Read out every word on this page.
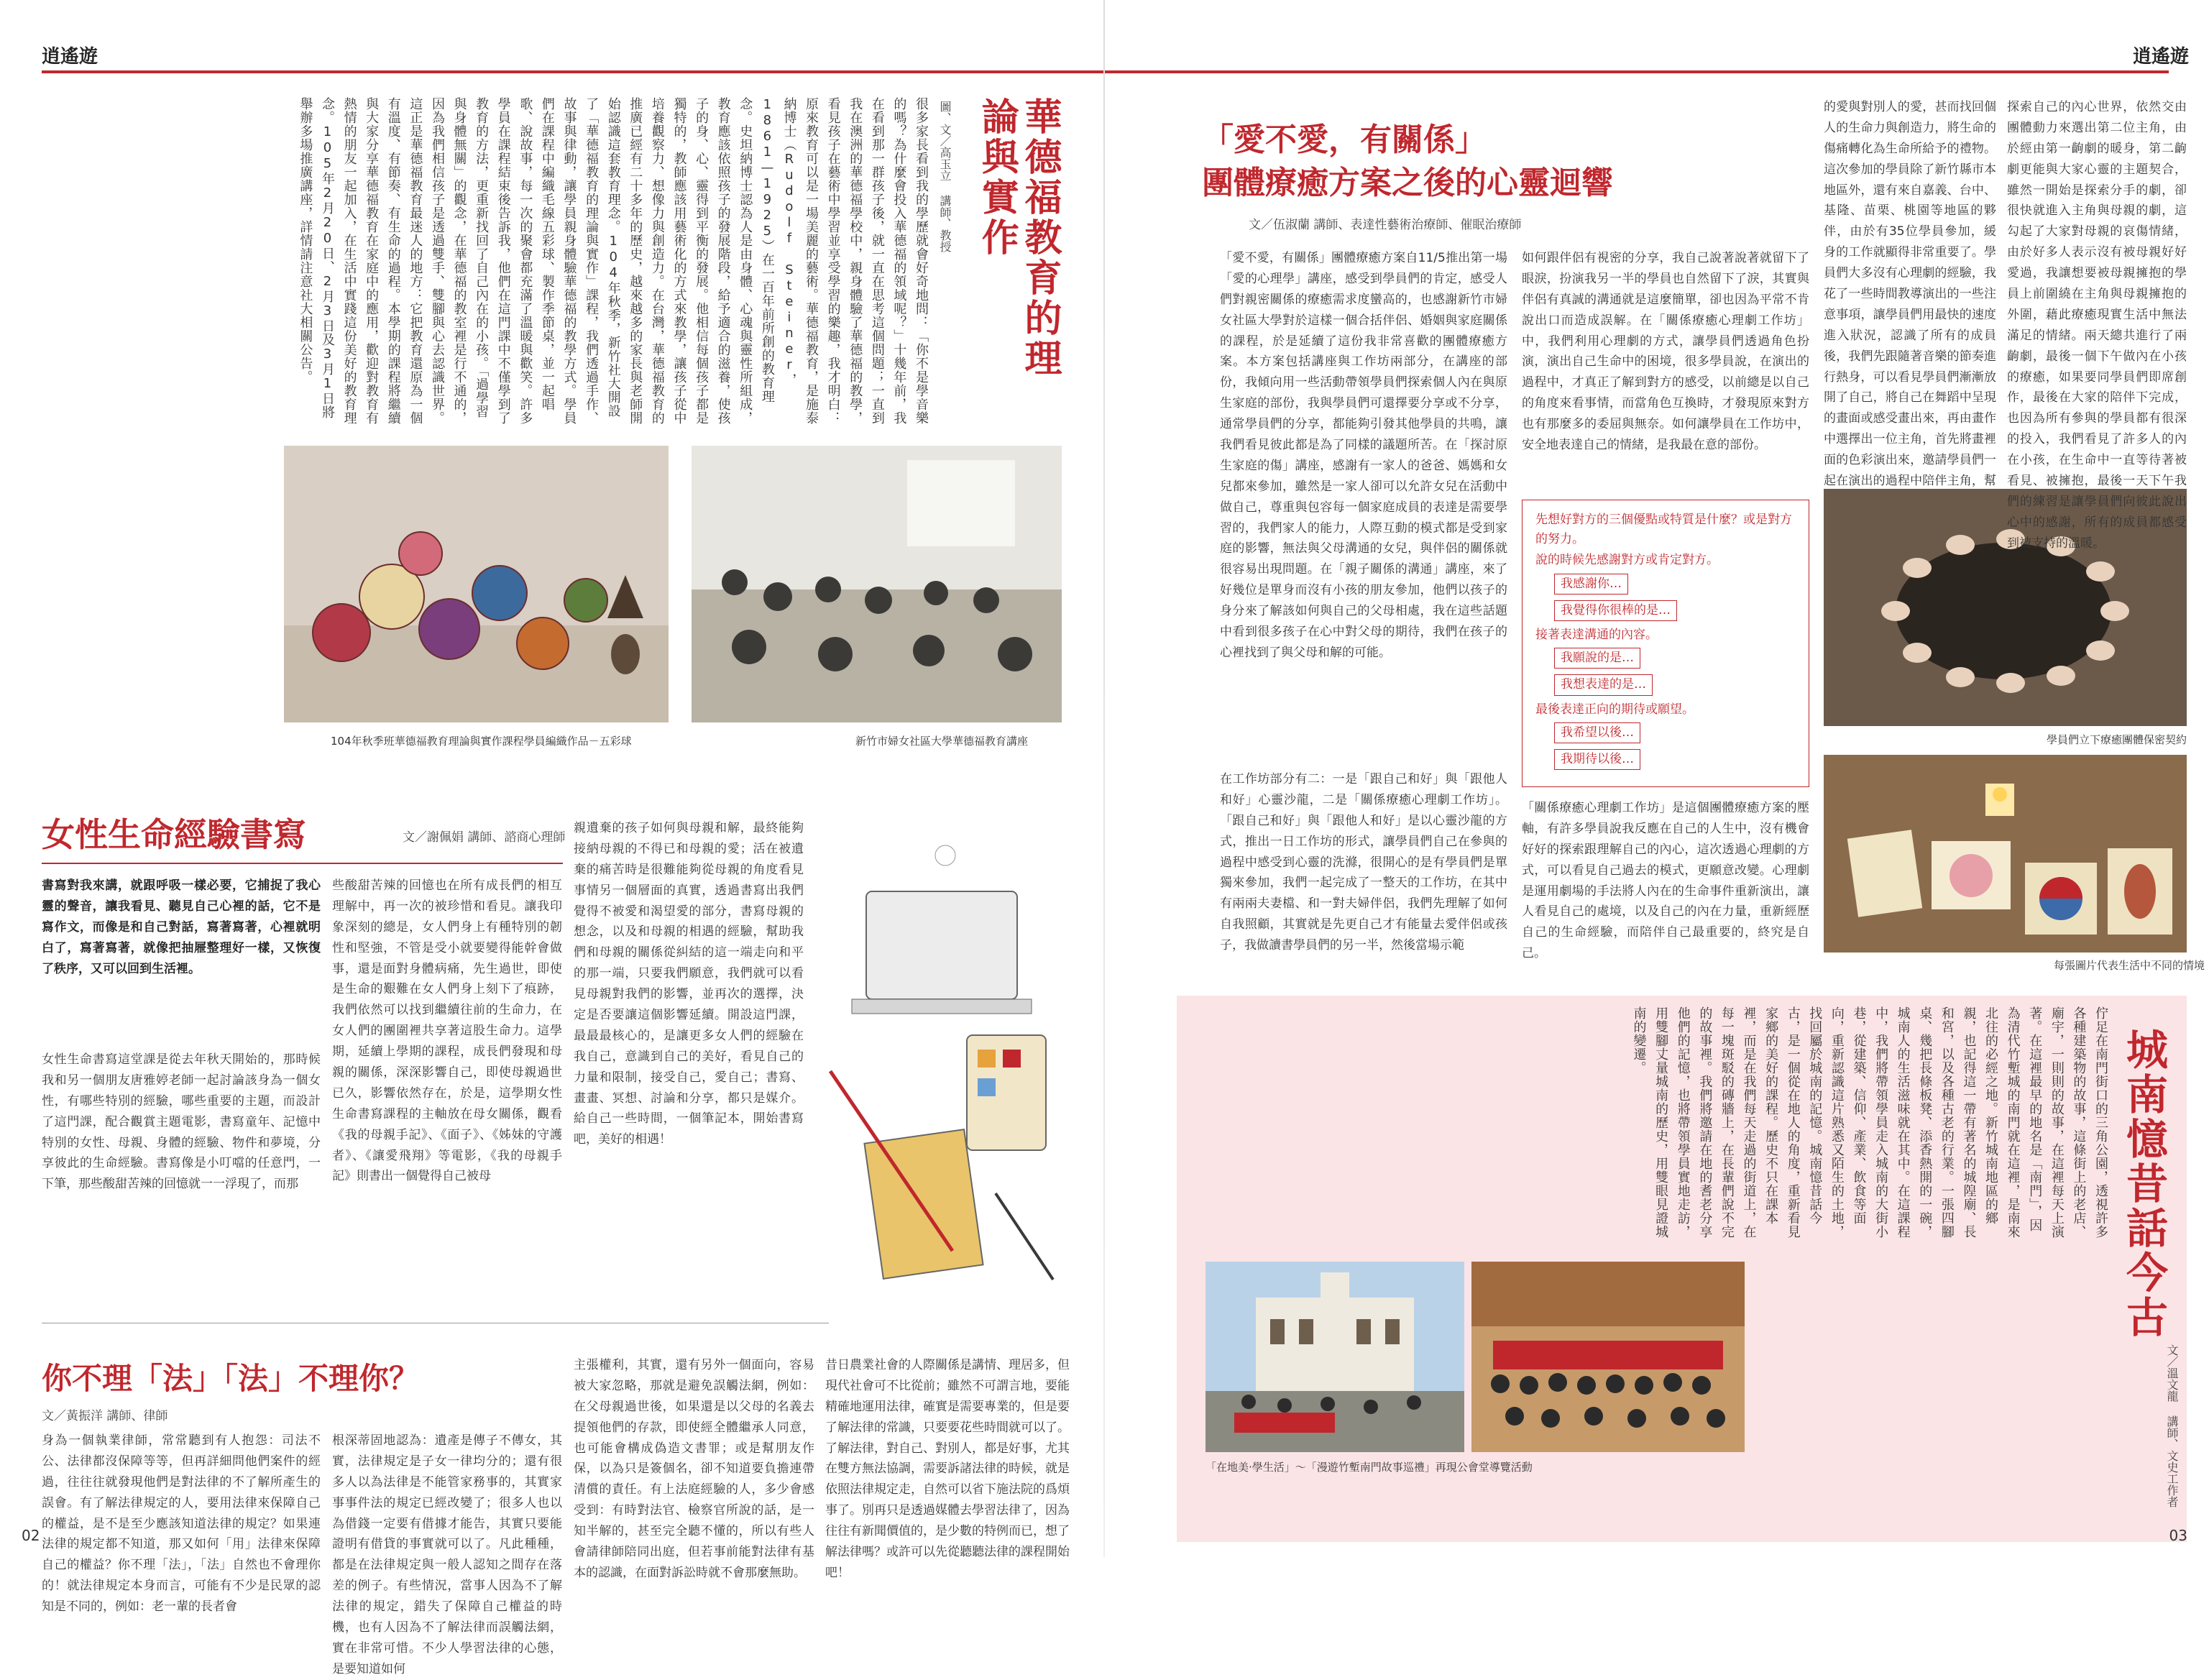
逍遙遊
華德福教育的理論與實作
圖、文／高玉立 講師、教授
很多家長看到我的學歷就會好奇地問：「你不是學音樂的嗎？為什麼會投入華德福的領域呢？」十幾年前，我在看到那一群孩子後，就一直在思考這個問題；一直到我在澳洲的華德福學校中，親身體驗了華德福的教學，看見孩子在藝術中學習並享受學習的樂趣，我才明白：原來教育可以是一場美麗的藝術。華德福教育，是施泰納博士（Rudolf Steiner，1861—1925）在一百年前所創的教育理念。史坦納博士認為人是由身體、心魂與靈性所組成，教育應該依照孩子的發展階段，給予適合的滋養，使孩子的身、心、靈得到平衡的發展。他相信每個孩子都是獨特的，教師應該用藝術化的方式來教學，讓孩子從中培養觀察力、想像力與創造力。在台灣，華德福教育的推廣已經有二十多年的歷史，越來越多的家長與老師開始認識這套教育理念。104年秋季，新竹社大開設了「華德福教育的理論與實作」課程，我們透過手作、故事與律動，讓學員親身體驗華德福的教學方式。學員們在課程中編織毛線五彩球、製作季節桌，並一起唱歌、說故事，每一次的聚會都充滿了溫暖與歡笑。許多學員在課程結束後告訴我，他們在這門課中不僅學到了教育的方法，更重新找回了自己內在的小孩。「過學習與身體無關」的觀念，在華德福的教室裡是行不通的，因為我們相信孩子是透過雙手、雙腳與心去認識世界。這正是華德福教育最迷人的地方：它把教育還原為一個有溫度、有節奏、有生命的過程。本學期的課程將繼續與大家分享華德福教育在家庭中的應用，歡迎對教育有熱情的朋友一起加入，在生活中實踐這份美好的教育理念。105年2月20日、2月3日及3月1日將舉辦多場推廣講座，詳情請注意社大相關公告。
104年秋季班華德福教育理論與實作課程學員編織作品－五彩球	新竹市婦女社區大學華德福教育講座
女性生命經驗書寫	文／謝佩娟 講師、諮商心理師
書寫對我來講，就跟呼吸一樣必要，它捕捉了我心靈的聲音，讓我看見、聽見自己心裡的話，它不是寫作文，而像是和自己對話，寫著寫著，心裡就明白了，寫著寫著，就像把抽屜整理好一樣，又恢復了秩序，又可以回到生活裡。
女性生命書寫這堂課是從去年秋天開始的，那時候我和另一個朋友唐雅婷老師一起討論該身為一個女性，有哪些特別的經驗，哪些重要的主題，而設計了這門課，配合觀賞主題電影，書寫童年、記憶中特別的女性、母親、身體的經驗、物件和夢境，分享彼此的生命經驗。書寫像是小叮噹的任意門，一下筆，那些酸甜苦辣的回憶就一一浮現了，而那
些酸甜苦辣的回憶也在所有成長們的相互理解中，再一次的被珍惜和看見。讓我印象深刻的總是，女人們身上有種特別的韌性和堅強，不管是受小就要變得能幹會做事，還是面對身體病痛，先生過世，即使是生命的艱難在女人們身上刻下了痕跡，我們依然可以找到繼續往前的生命力，在女人們的團圍裡共享著這股生命力。這學期，延續上學期的課程，成長們發現和母親的關係，深深影響自己，即使母親過世已久，影響依然存在，於是，這學期女性生命書寫課程的主軸放在母女關係，觀看《我的母親手記》、《面子》、《姊妹的守護者》、《讓愛飛翔》等電影，《我的母親手記》則書出一個覺得自己被母
親遺棄的孩子如何與母親和解，最終能夠接納母親的不得已和母親的愛；活在被遺棄的痛苦時是很難能夠從母親的角度看見事情另一個層面的真實，透過書寫出我們覺得不被愛和渴望愛的部分，書寫母親的想念，以及和母親的相遇的經驗，幫助我們和母親的關係從糾結的這一端走向和平的那一端，只要我們願意，我們就可以看見母親對我們的影響，並再次的選擇，決定是否要讓這個影響延續。開設這門課，最最最核心的，是讓更多女人們的經驗在我自己，意識到自己的美好，看見自己的力量和限制，接受自己，愛自己；書寫、畫畫、冥想、討論和分享，都只是媒介。給自己一些時間，一個筆記本，開始書寫吧，美好的相遇！
你不理「法」「法」不理你？
文／黃振洋 講師、律師
身為一個執業律師，常常聽到有人抱怨：司法不公、法律都沒保障等等，但再詳細問他們案件的經過，往往往就發現他們是對法律的不了解所產生的誤會。有了解法律規定的人，要用法律來保障自己的權益，是不是至少應該知道法律的規定？如果連法律的規定都不知道，那又如何「用」法律來保障自己的權益？你不理「法」，「法」自然也不會理你的！就法律規定本身而言，可能有不少是民眾的認知是不同的，例如：老一輩的長者會
根深蒂固地認為：遺產是傳子不傳女，其實，法律規定是子女一律均分的；還有很多人以為法律是不能管家務事的，其實家事事件法的規定已經改變了；很多人也以為借錢一定要有借據才能告，其實只要能證明有借貸的事實就可以了。凡此種種，都是在法律規定與一般人認知之間存在落差的例子。有些情況，當事人因為不了解法律的規定，錯失了保障自己權益的時機，也有人因為不了解法律而誤觸法網，實在非常可惜。不少人學習法律的心態，是要知道如何
主張權利，其實，還有另外一個面向，容易被大家忽略，那就是避免誤觸法網，例如：在父母親過世後，如果還是以父母的名義去提領他們的存款，即使經全體繼承人同意，也可能會構成偽造文書罪；或是幫朋友作保，以為只是簽個名，卻不知道要負擔連帶清償的責任。有上法庭經驗的人，多少會感受到：有時對法官、檢察官所說的話，是一知半解的，甚至完全聽不懂的，所以有些人會請律師陪同出庭，但若事前能對法律有基本的認識，在面對訴訟時就不會那麼無助。
昔日農業社會的人際關係是講情、理居多，但現代社會可不比從前；雖然不可謂言地，要能精確地運用法律，確實是需要專業的，但是要了解法律的常識，只要要花些時間就可以了。了解法律，對自己、對別人，都是好事，尤其在雙方無法協調，需要訴諸法律的時候，就是依照法律規定走，自然可以省下施法院的爲煩事了。別再只是透過媒體去學習法律了，因為往往有新聞價值的，是少數的特例而已，想了解法律嗎？或許可以先從聽聽法律的課程開始吧！
02
逍遙遊
「愛不愛，有關係」
團體療癒方案之後的心靈迴響
文／伍淑蘭 講師、表達性藝術治療師、催眠治療師
「愛不愛，有關係」團體療癒方案自11/5推出第一場「愛的心理學」講座，感受到學員們的肯定，感受人們對親密關係的療癒需求度蠻高的，也感謝新竹市婦女社區大學對於這樣一個合括伴侶、婚姻與家庭關係的課程，於是延續了這份我非常喜歡的團體療癒方案。本方案包括講座與工作坊兩部分，在講座的部份，我傾向用一些活動帶領學員們探索個人內在與原生家庭的部份，我與學員們可還擇要分享或不分享，通常學員們的分享，都能夠引發其他學員的共鳴，讓我們看見彼此都是為了同樣的議題所苦。在「探討原生家庭的傷」講座，感謝有一家人的爸爸、媽媽和女兒都來參加，雖然是一家人卻可以允許女兒在活動中做自己，尊重與包容每一個家庭成員的表達是需要學習的，我們家人的能力，人際互動的模式都是受到家庭的影響，無法與父母溝通的女兒，與伴侶的關係就很容易出現問題。在「親子關係的溝通」講座，來了好幾位是單身而沒有小孩的朋友參加，他們以孩子的身分來了解該如何與自己的父母相處，我在這些話題中看到很多孩子在心中對父母的期待，我們在孩子的心裡找到了與父母和解的可能。
在工作坊部分有二：一是「跟自己和好」與「跟他人和好」心靈沙龍，二是「關係療癒心理劇工作坊」。「跟自己和好」與「跟他人和好」是以心靈沙龍的方式，推出一日工作坊的形式，讓學員們自己在參與的過程中感受到心靈的洗滌，很開心的是有學員們是單獨來參加，我們一起完成了一整天的工作坊，在其中有兩兩夫妻檔、和一對夫婦伴侶，我們先理解了如何自我照顧，其實就是先更自己才有能量去愛伴侶或孩子，我做讀書學員們的另一半，然後當場示範
如何跟伴侶有視密的分享，我自己說著說著就留下了眼淚，扮演我另一半的學員也自然留下了淚，其實與伴侶有真誠的溝通就是這麼簡單，卻也因為平常不肯說出口而造成誤解。在「關係療癒心理劇工作坊」中，我們利用心理劇的方式，讓學員們透過角色扮演，演出自己生命中的困境，很多學員說，在演出的過程中，才真正了解到對方的感受，以前總是以自己的角度來看事情，而當角色互換時，才發現原來對方也有那麼多的委屈與無奈。如何讓學員在工作坊中，安全地表達自己的情緒，是我最在意的部份。
先想好對方的三個優點或特質是什麼？或是對方的努力。
說的時候先感謝對方或肯定對方。
我感謝你…
我覺得你很棒的是…
接著表達溝通的內容。
我願說的是…
我想表達的是…
最後表達正向的期待或願望。
我希望以後…
我期待以後…
「關係療癒心理劇工作坊」是這個團體療癒方案的壓軸，有許多學員說我反應在自己的人生中，沒有機會好好的探索跟理解自己的內心，這次透過心理劇的方式，可以看見自己過去的模式，更願意改變。心理劇是運用劇場的手法將人內在的生命事件重新演出，讓人看見自己的處境，以及自己的內在力量，重新經歷自己的生命經驗，而陪伴自己最重要的，終究是自己。
的愛與對別人的愛，甚而找回個人的生命力與創造力，將生命的傷痛轉化為生命所給予的禮物。這次參加的學員除了新竹縣市本地區外，還有來自嘉義、台中、基隆、苗栗、桃園等地區的夥伴，由於有35位學員參加，緩身的工作就顯得非常重要了。學員們大多沒有心理劇的經驗，我花了一些時間教導演出的一些注意事項，讓學員們用最快的速度進入狀況，認識了所有的成員後，我們先跟隨著音樂的節奏進行熱身，可以看見學員們漸漸放開了自己，將自己在舞蹈中呈現的畫面或感受畫出來，再由畫作中選擇出一位主角，首先將畫裡面的色彩演出來，邀請學員們一起在演出的過程中陪伴主角，幫
學員們立下療癒團體保密契約
每張圖片代表生活中不同的情境
城南憶昔話今古
文／溫文龍 講師、文史工作者
佇足在南門街口的三角公園，透視許多各種建築物的故事，這條街上的老店、廟宇，一則則的故事，在這裡每天上演著。在這裡最早的地名是「南門」，因為清代竹塹城的南門就在這裡，是南來北往的必經之地。新竹城南地區的鄉親，也記得這一帶有著名的城隍廟、長和宮，以及各種古老的行業。一張四腳桌、幾把長條板凳、添香熱開的一碗，城南人的生活滋味就在其中。在這課程中，我們將帶領學員走入城南的大街小巷，從建築、信仰、產業、飲食等面向，重新認識這片熟悉又陌生的土地，找回屬於城南的記憶。城南憶昔話今古，是一個從在地人的角度，重新看見家鄉的美好的課程。歷史不只在課本裡，而是在我們每天走過的街道上，在每一塊斑駁的磚牆上，在長輩們說不完的故事裡。我們將邀請在地的耆老分享他們的記憶，也將帶領學員實地走訪，用雙腳丈量城南的歷史，用雙眼見證城南的變遷。
「在地美‧學生活」～「漫遊竹塹南門故事巡禮」再現公會堂導覽活動
03
探索自己的內心世界，依然交由團體動力來選出第二位主角，由於經由第一齣劇的暖身，第二齣劇更能與大家心靈的主題契合，雖然一開始是探索分手的劇，卻很快就進入主角與母親的劇，這勾起了大家對母親的哀傷情緒，由於好多人表示沒有被母親好好愛過，我讓想要被母親擁抱的學員上前圍繞在主角與母親擁抱的外圍，藉此療癒現實生活中無法滿足的情緒。兩天總共進行了兩齣劇，最後一個下午做內在小孩的療癒，如果要同學員們即席創作，最後在大家的陪伴下完成，也因為所有參與的學員都有很深的投入，我們看見了許多人的內在小孩，在生命中一直等待著被看見、被擁抱，最後一天下午我們的練習是讓學員們向彼此說出心中的感謝，所有的成員都感受到被支持的溫暖。
